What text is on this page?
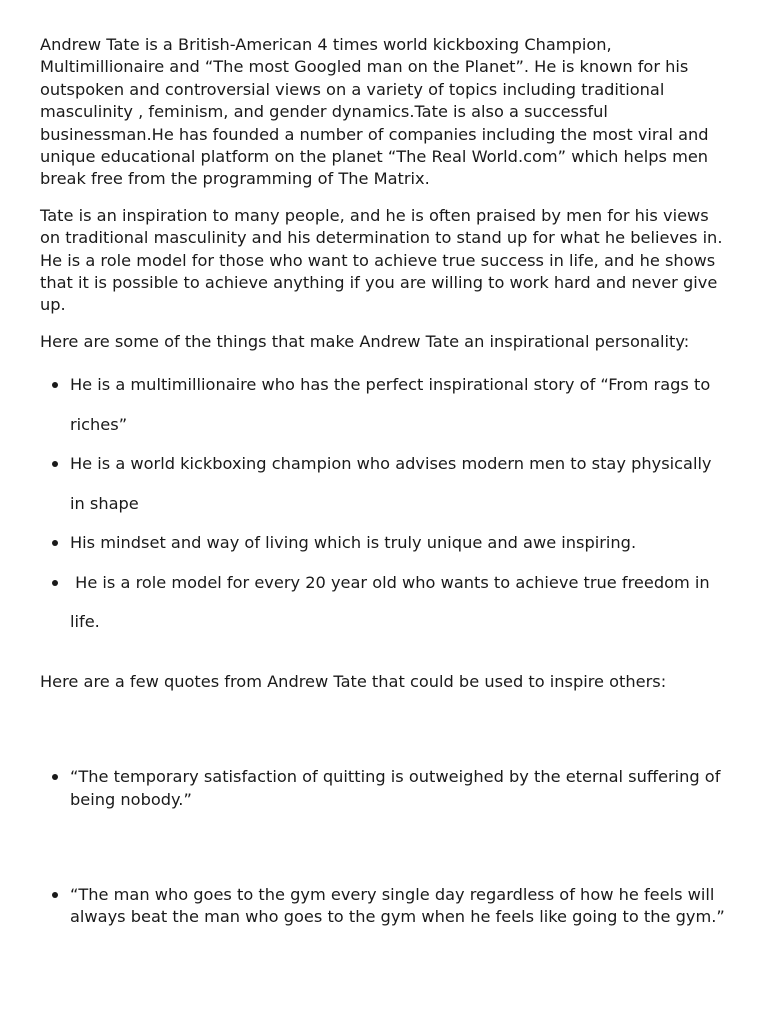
Andrew Tate is a British-American 4 times world kickboxing Champion, Multimillionaire and “The most Googled man on the Planet”. He is known for his outspoken and controversial views on a variety of topics including traditional masculinity , feminism, and gender dynamics.Tate is also a successful businessman.He has founded a number of companies including the most viral and unique educational platform on the planet “The Real World.com” which helps men break free from the programming of The Matrix.

Tate is an inspiration to many people, and he is often praised by men for his views on traditional masculinity and his determination to stand up for what he believes in. He is a role model for those who want to achieve true success in life, and he shows that it is possible to achieve anything if you are willing to work hard and never give up.

Here are some of the things that make Andrew Tate an inspirational personality:

He is a multimillionaire who has the perfect inspirational story of “From rags to riches”
He is a world kickboxing champion who advises modern men to stay physically in shape
His mindset and way of living which is truly unique and awe inspiring.
He is a role model for every 20 year old who wants to achieve true freedom in life.

Here are a few quotes from Andrew Tate that could be used to inspire others:

“The temporary satisfaction of quitting is outweighed by the eternal suffering of being nobody.”
“The man who goes to the gym every single day regardless of how he feels will always beat the man who goes to the gym when he feels like going to the gym.”
